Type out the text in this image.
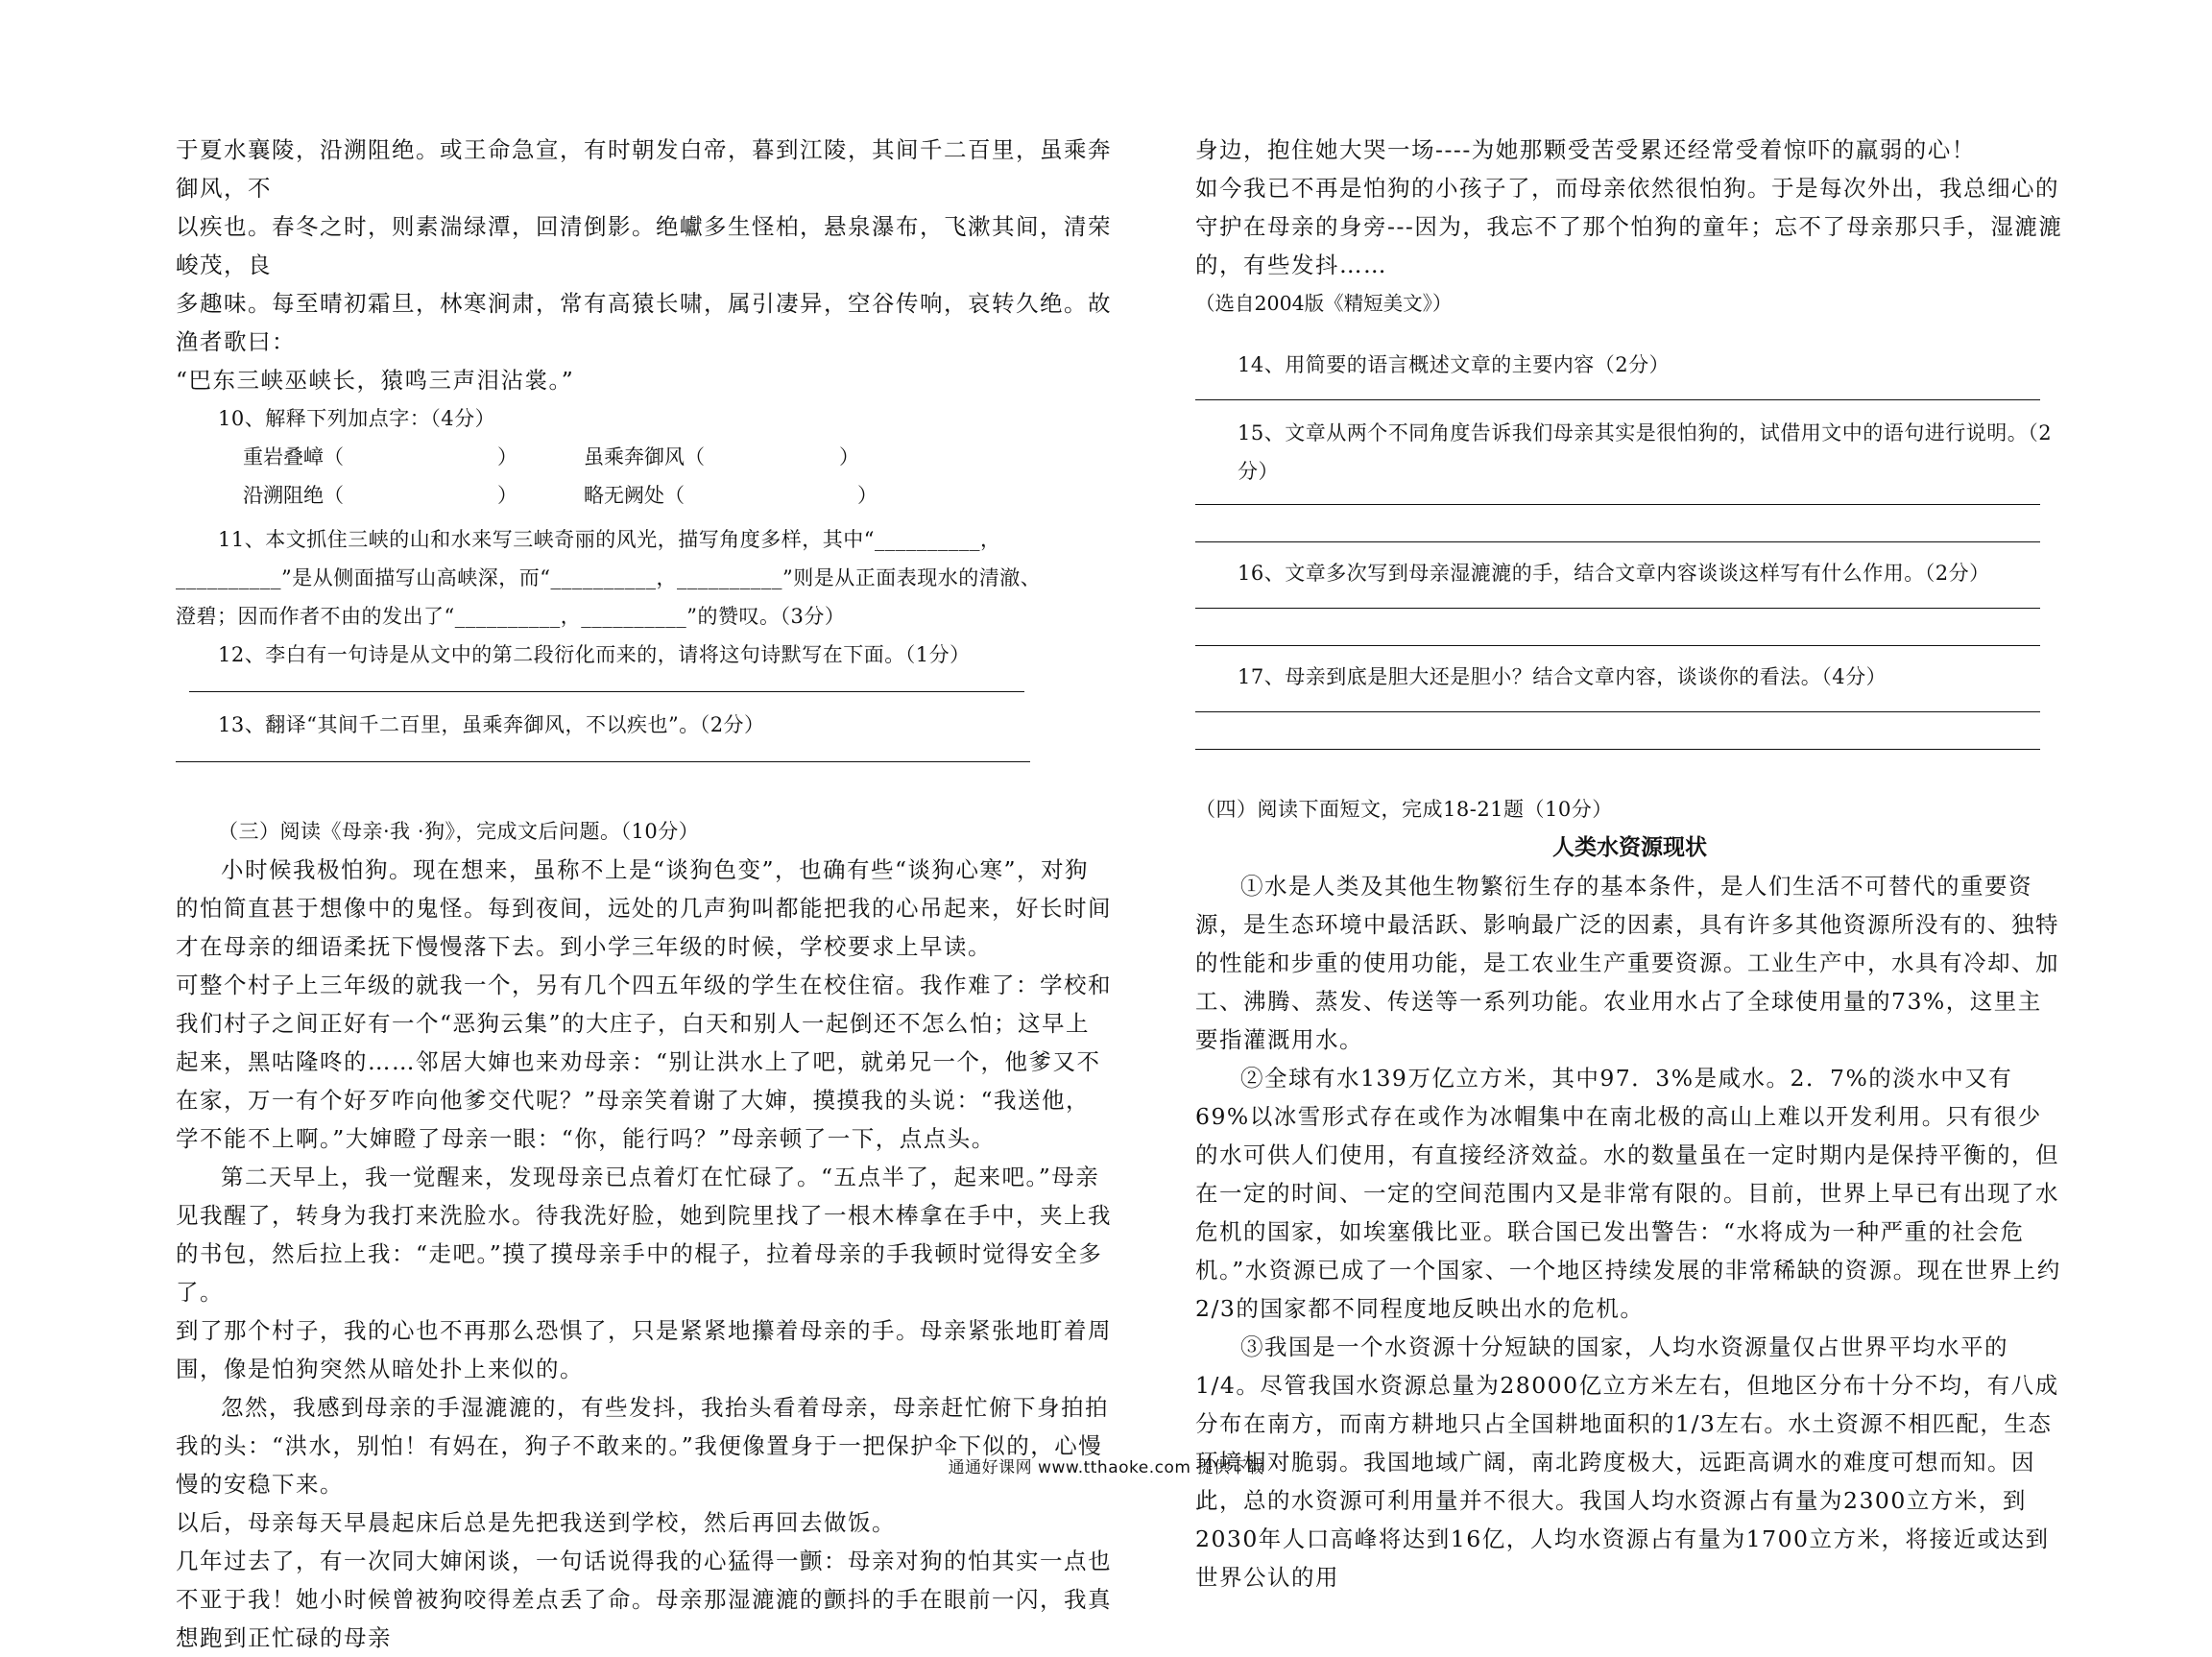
于夏水襄陵，沿溯阻绝。或王命急宣，有时朝发白帝，暮到江陵，其间千二百里，虽乘奔御风，不

以疾也。春冬之时，则素湍绿潭，回清倒影。绝巘多生怪柏，悬泉瀑布，飞漱其间，清荣峻茂，良

多趣味。每至晴初霜旦，林寒涧肃，常有高猿长啸，属引凄异，空谷传响，哀转久绝。故渔者歌曰：

“巴东三峡巫峡长，猿鸣三声泪沾裳。”

10、解释下列加点字：（4分）

重岩叠嶂（	）	虽乘奔御风（	）
沿溯阻绝（	）	略无阙处（	）

11、本文抓住三峡的山和水来写三峡奇丽的风光，描写角度多样，其中“__________，

__________”是从侧面描写山高峡深，而“__________，__________”则是从正面表现水的清澈、

澄碧；因而作者不由的发出了“__________，__________”的赞叹。（3分）

12、李白有一句诗是从文中的第二段衍化而来的，请将这句诗默写在下面。（1分）

13、翻译“其间千二百里，虽乘奔御风，不以疾也”。（2分）

（三）阅读《母亲·我 ·狗》，完成文后问题。（10分）

小时候我极怕狗。现在想来，虽称不上是“谈狗色变”，也确有些“谈狗心寒”，对狗的怕简直甚于想像中的鬼怪。每到夜间，远处的几声狗叫都能把我的心吊起来，好长时间才在母亲的细语柔抚下慢慢落下去。到小学三年级的时候，学校要求上早读。

可整个村子上三年级的就我一个，另有几个四五年级的学生在校住宿。我作难了：学校和我们村子之间正好有一个“恶狗云集”的大庄子，白天和别人一起倒还不怎么怕；这早上起来，黑咕隆咚的……邻居大婶也来劝母亲：“别让洪水上了吧，就弟兄一个，他爹又不在家，万一有个好歹咋向他爹交代呢？”母亲笑着谢了大婶，摸摸我的头说：“我送他，学不能不上啊。”大婶瞪了母亲一眼：“你，能行吗？”母亲顿了一下，点点头。

第二天早上，我一觉醒来，发现母亲已点着灯在忙碌了。“五点半了，起来吧。”母亲见我醒了，转身为我打来洗脸水。待我洗好脸，她到院里找了一根木棒拿在手中，夹上我的书包，然后拉上我：“走吧。”摸了摸母亲手中的棍子，拉着母亲的手我顿时觉得安全多了。

到了那个村子，我的心也不再那么恐惧了，只是紧紧地攥着母亲的手。母亲紧张地盯着周围，像是怕狗突然从暗处扑上来似的。

忽然，我感到母亲的手湿漉漉的，有些发抖，我抬头看着母亲，母亲赶忙俯下身拍拍我的头：“洪水，别怕！有妈在，狗子不敢来的。”我便像置身于一把保护伞下似的，心慢慢的安稳下来。

以后，母亲每天早晨起床后总是先把我送到学校，然后再回去做饭。

几年过去了，有一次同大婶闲谈，一句话说得我的心猛得一颤：母亲对狗的怕其实一点也不亚于我！她小时候曾被狗咬得差点丢了命。母亲那湿漉漉的颤抖的手在眼前一闪，我真想跑到正忙碌的母亲

身边，抱住她大哭一场----为她那颗受苦受累还经常受着惊吓的羸弱的心！

如今我已不再是怕狗的小孩子了，而母亲依然很怕狗。于是每次外出，我总细心的守护在母亲的身旁---因为，我忘不了那个怕狗的童年；忘不了母亲那只手，湿漉漉的，有些发抖……

（选自2004版《精短美文》）

14、用简要的语言概述文章的主要内容（2分）

15、文章从两个不同角度告诉我们母亲其实是很怕狗的，试借用文中的语句进行说明。（2分）

16、文章多次写到母亲湿漉漉的手，结合文章内容谈谈这样写有什么作用。（2分）

17、母亲到底是胆大还是胆小？结合文章内容，谈谈你的看法。（4分）

（四）阅读下面短文，完成18-21题（10分）

人类水资源现状

①水是人类及其他生物繁衍生存的基本条件，是人们生活不可替代的重要资源，是生态环境中最活跃、影响最广泛的因素，具有许多其他资源所没有的、独特的性能和步重的使用功能，是工农业生产重要资源。工业生产中，水具有冷却、加工、沸腾、蒸发、传送等一系列功能。农业用水占了全球使用量的73%，这里主要指灌溉用水。

②全球有水139万亿立方米，其中97．3%是咸水。2．7%的淡水中又有69%以冰雪形式存在或作为冰帽集中在南北极的高山上难以开发利用。只有很少的水可供人们使用，有直接经济效益。水的数量虽在一定时期内是保持平衡的，但在一定的时间、一定的空间范围内又是非常有限的。目前，世界上早已有出现了水危机的国家，如埃塞俄比亚。联合国已发出警告：“水将成为一种严重的社会危机。”水资源已成了一个国家、一个地区持续发展的非常稀缺的资源。现在世界上约2/3的国家都不同程度地反映出水的危机。

③我国是一个水资源十分短缺的国家，人均水资源量仅占世界平均水平的1/4。尽管我国水资源总量为28000亿立方米左右，但地区分布十分不均，有八成分布在南方，而南方耕地只占全国耕地面积的1/3左右。水土资源不相匹配，生态环境相对脆弱。我国地域广阔，南北跨度极大，远距高调水的难度可想而知。因此，总的水资源可利用量并不很大。我国人均水资源占有量为2300立方米，到2030年人口高峰将达到16亿，人均水资源占有量为1700立方米，将接近或达到世界公认的用

通通好课网 www.tthaoke.com 提供下载
